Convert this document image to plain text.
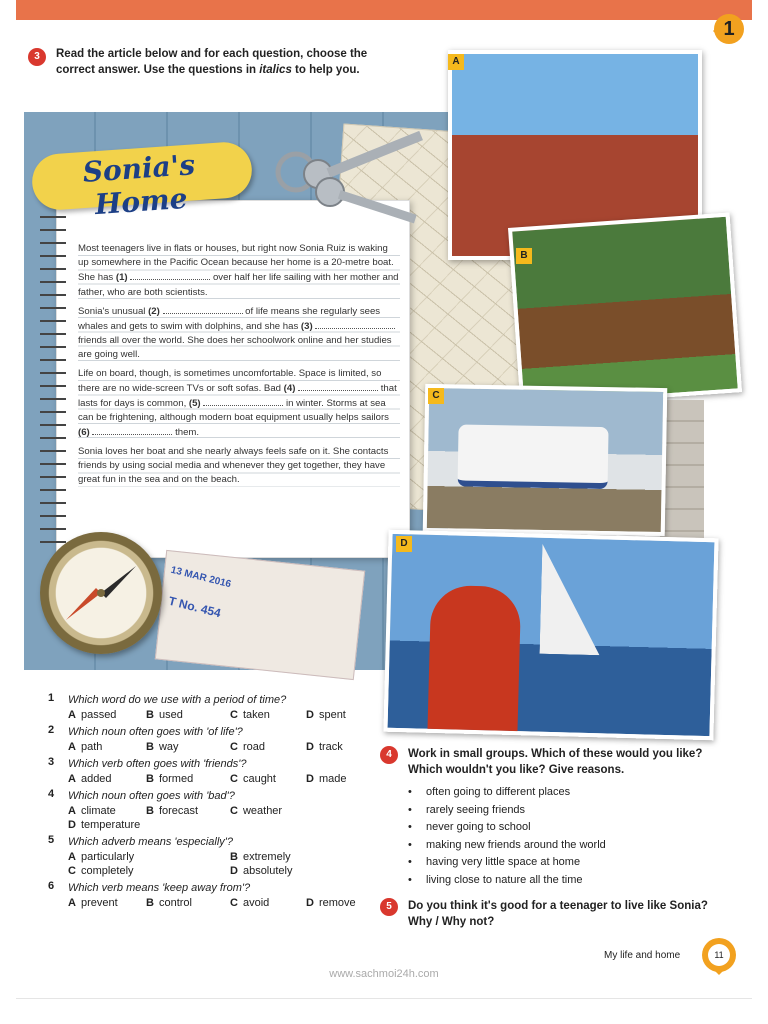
1
3	Read the article below and for each question, choose the
correct answer. Use the questions in italics to help you.
Sonia's Home

Most teenagers live in flats or houses, but right now Sonia Ruiz is waking up somewhere in the Pacific Ocean because her home is a 20-metre boat. She has (1)	over half her life sailing with her mother and father, who are both scientists.

Sonia's unusual (2)	of life means she regularly sees whales and gets to swim with dolphins, and she has (3)  friends all over the world. She does her schoolwork online and her studies are going well.

Life on board, though, is sometimes uncomfortable. Space is limited, so there are no wide-screen TVs or soft sofas. Bad (4)	that lasts for days is common, (5)	in winter. Storms at sea can be frightening, although modern boat equipment usually helps sailors (6)	them.

Sonia loves her boat and she nearly always feels safe on it. She contacts friends by using social media and whenever they get together, they have great fun in the sea and on the beach.

13 MAR 2016
T No. 454
A
B
C
D
1 Which word do we use with a period of time?
A passed	B used	C taken	D spent
2 Which noun often goes with 'of life'?
A path	B way	C road	D track
3 Which verb often goes with 'friends'?
A added	B formed	C caught	D made
4 Which noun often goes with 'bad'?
A climate	B forecast	C weather
D temperature
5 Which adverb means 'especially'?
A particularly	B extremely
C completely	D absolutely
6 Which verb means 'keep away from'?
A prevent	B control	C avoid	D remove
4	Work in small groups. Which of these would you like?
Which wouldn't you like? Give reasons.
• often going to different places
• rarely seeing friends
• never going to school
• making new friends around the world
• having very little space at home
• living close to nature all the time
5	Do you think it's good for a teenager to live like Sonia?
Why / Why not?
My life and home	11
www.sachmoi24h.com
